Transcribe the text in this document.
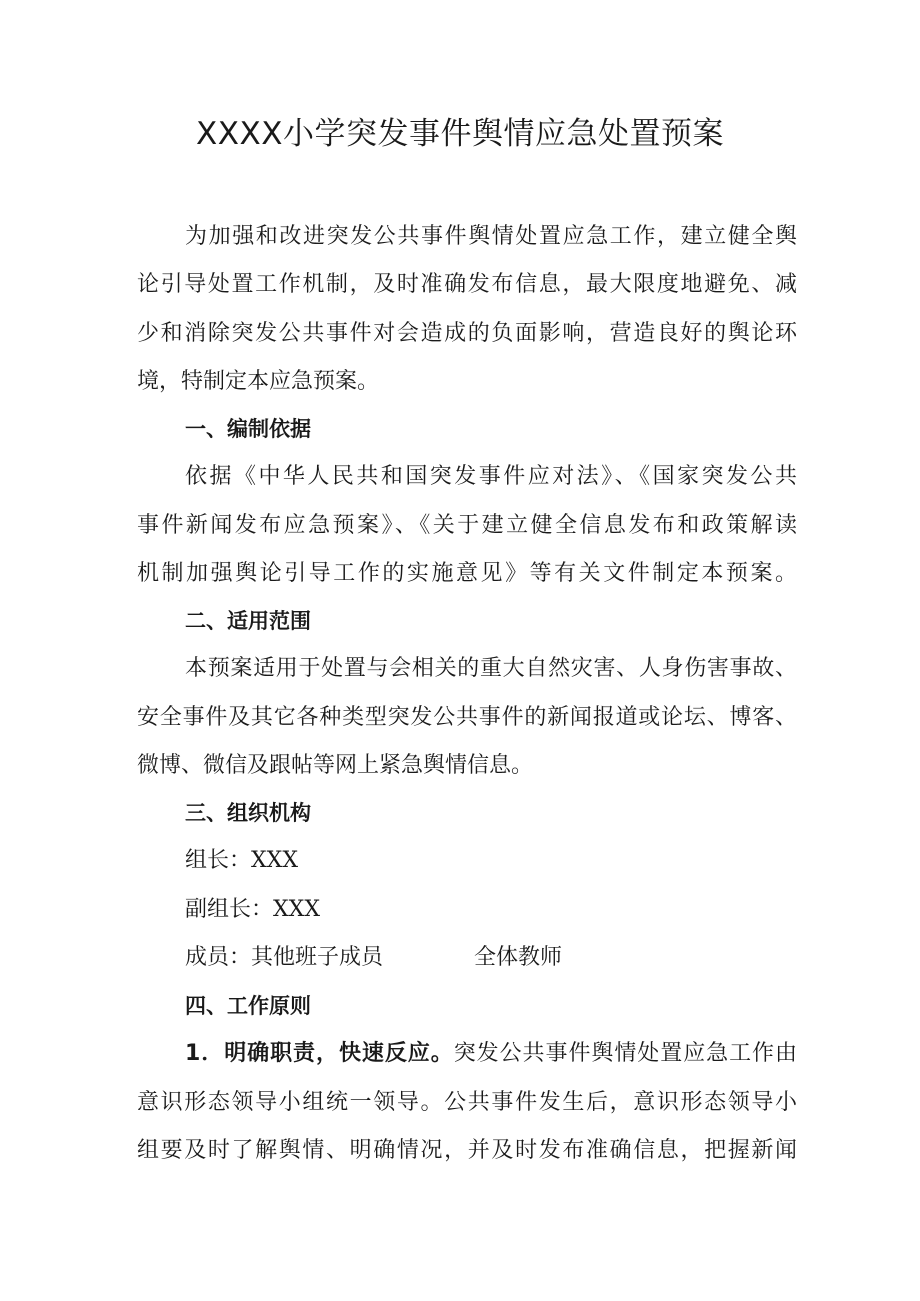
XXXX小学突发事件舆情应急处置预案
为加强和改进突发公共事件舆情处置应急工作，建立健全舆
论引导处置工作机制，及时准确发布信息，最大限度地避免、减
少和消除突发公共事件对会造成的负面影响，营造良好的舆论环
境，特制定本应急预案。
一、编制依据
依据《中华人民共和国突发事件应对法》、《国家突发公共
事件新闻发布应急预案》、《关于建立健全信息发布和政策解读
机制加强舆论引导工作的实施意见》等有关文件制定本预案。
二、适用范围
本预案适用于处置与会相关的重大自然灾害、人身伤害事故、
安全事件及其它各种类型突发公共事件的新闻报道或论坛、博客、
微博、微信及跟帖等网上紧急舆情信息。
三、组织机构
组长：XXX
副组长：XXX
成员：其他班子成员	全体教师
四、工作原则
1．明确职责，快速反应。突发公共事件舆情处置应急工作由
意识形态领导小组统一领导。公共事件发生后，意识形态领导小
组要及时了解舆情、明确情况，并及时发布准确信息，把握新闻
